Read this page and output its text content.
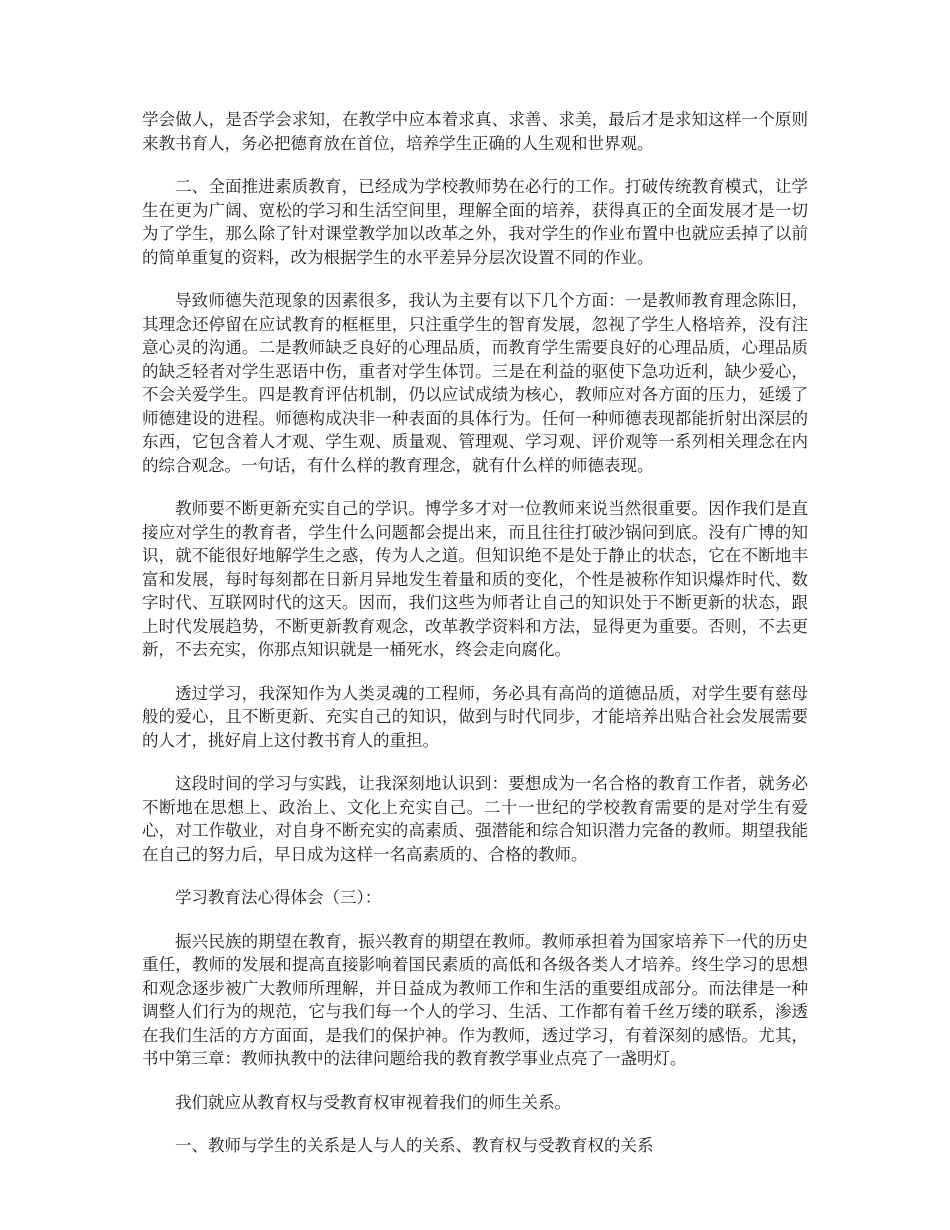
学会做人，是否学会求知，在教学中应本着求真、求善、求美，最后才是求知这样一个原则来教书育人，务必把德育放在首位，培养学生正确的人生观和世界观。

二、全面推进素质教育，已经成为学校教师势在必行的工作。打破传统教育模式，让学生在更为广阔、宽松的学习和生活空间里，理解全面的培养，获得真正的全面发展才是一切为了学生，那么除了针对课堂教学加以改革之外，我对学生的作业布置中也就应丢掉了以前的简单重复的资料，改为根据学生的水平差异分层次设置不同的作业。

导致师德失范现象的因素很多，我认为主要有以下几个方面：一是教师教育理念陈旧，其理念还停留在应试教育的框框里，只注重学生的智育发展，忽视了学生人格培养，没有注意心灵的沟通。二是教师缺乏良好的心理品质，而教育学生需要良好的心理品质，心理品质的缺乏轻者对学生恶语中伤，重者对学生体罚。三是在利益的驱使下急功近利，缺少爱心，不会关爱学生。四是教育评估机制，仍以应试成绩为核心，教师应对各方面的压力，延缓了师德建设的进程。师德构成决非一种表面的具体行为。任何一种师德表现都能折射出深层的东西，它包含着人才观、学生观、质量观、管理观、学习观、评价观等一系列相关理念在内的综合观念。一句话，有什么样的教育理念，就有什么样的师德表现。

教师要不断更新充实自己的学识。博学多才对一位教师来说当然很重要。因作我们是直接应对学生的教育者，学生什么问题都会提出来，而且往往打破沙锅问到底。没有广博的知识，就不能很好地解学生之惑，传为人之道。但知识绝不是处于静止的状态，它在不断地丰富和发展，每时每刻都在日新月异地发生着量和质的变化，个性是被称作知识爆炸时代、数字时代、互联网时代的这天。因而，我们这些为师者让自己的知识处于不断更新的状态，跟上时代发展趋势，不断更新教育观念，改革教学资料和方法，显得更为重要。否则，不去更新，不去充实，你那点知识就是一桶死水，终会走向腐化。

透过学习，我深知作为人类灵魂的工程师，务必具有高尚的道德品质，对学生要有慈母般的爱心，且不断更新、充实自己的知识，做到与时代同步，才能培养出贴合社会发展需要的人才，挑好肩上这付教书育人的重担。

这段时间的学习与实践，让我深刻地认识到：要想成为一名合格的教育工作者，就务必不断地在思想上、政治上、文化上充实自己。二十一世纪的学校教育需要的是对学生有爱心，对工作敬业，对自身不断充实的高素质、强潜能和综合知识潜力完备的教师。期望我能在自己的努力后，早日成为这样一名高素质的、合格的教师。

学习教育法心得体会（三）：

振兴民族的期望在教育，振兴教育的期望在教师。教师承担着为国家培养下一代的历史重任，教师的发展和提高直接影响着国民素质的高低和各级各类人才培养。终生学习的思想和观念逐步被广大教师所理解，并日益成为教师工作和生活的重要组成部分。而法律是一种调整人们行为的规范，它与我们每一个人的学习、生活、工作都有着千丝万缕的联系，渗透在我们生活的方方面面，是我们的保护神。作为教师，透过学习，有着深刻的感悟。尤其，书中第三章：教师执教中的法律问题给我的教育教学事业点亮了一盏明灯。

我们就应从教育权与受教育权审视着我们的师生关系。

一、教师与学生的关系是人与人的关系、教育权与受教育权的关系
